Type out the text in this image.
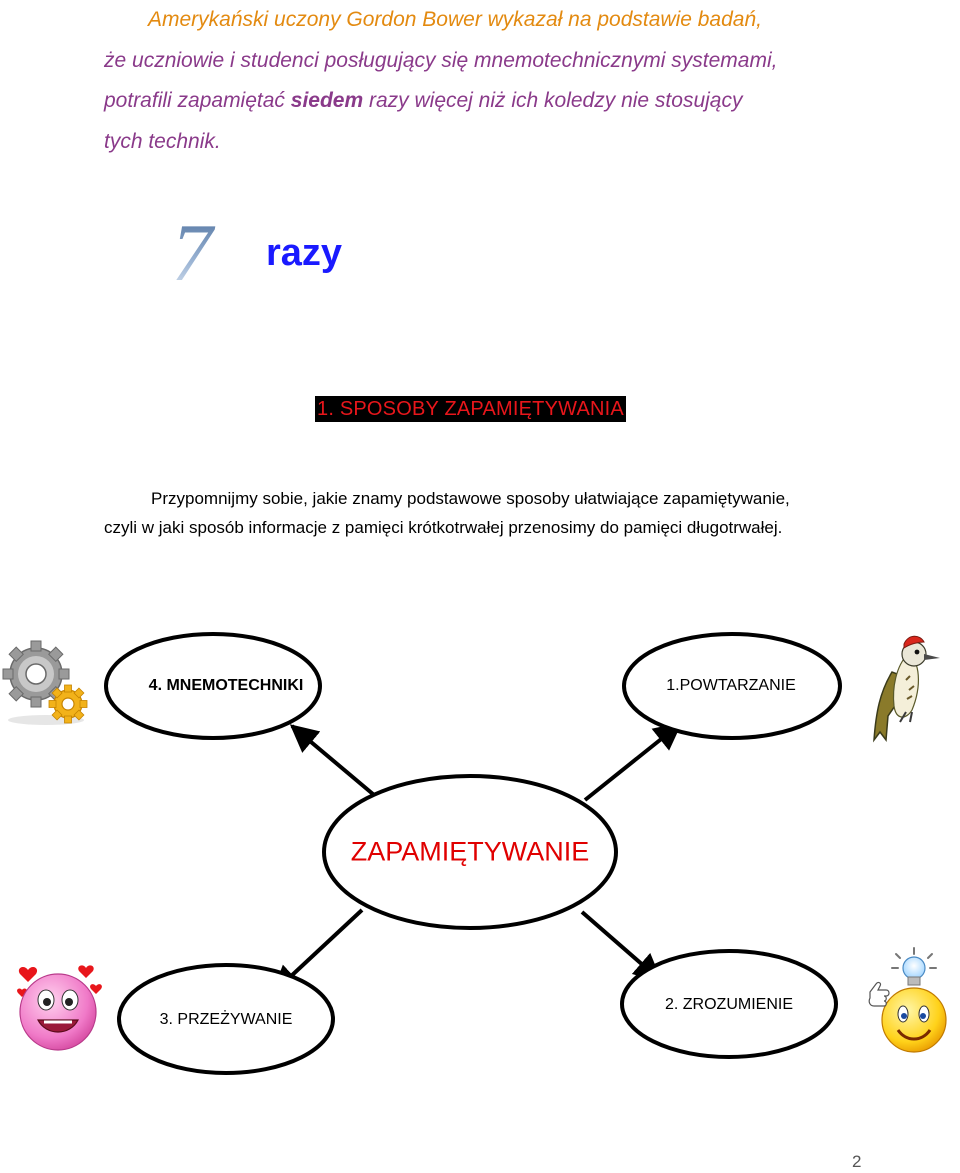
Amerykański uczony Gordon Bower wykazał na podstawie badań,

że uczniowie i studenci posługujący się mnemotechnicznymi systemami,

potrafili zapamiętać siedem razy więcej niż ich koledzy nie stosujący

tych technik.

7 razy
1. SPOSOBY ZAPAMIĘTYWANIA

Przypomnijmy sobie, jakie znamy podstawowe sposoby ułatwiające zapamiętywanie,

czyli w jaki sposób informacje z pamięci krótkotrwałej przenosimy do pamięci długotrwałej.

4. MNEMOTECHNIKI	1.POWTARZANIE
ZAPAMIĘTYWANIE
3. PRZEŻYWANIE
2. ZROZUMIENIE
2
